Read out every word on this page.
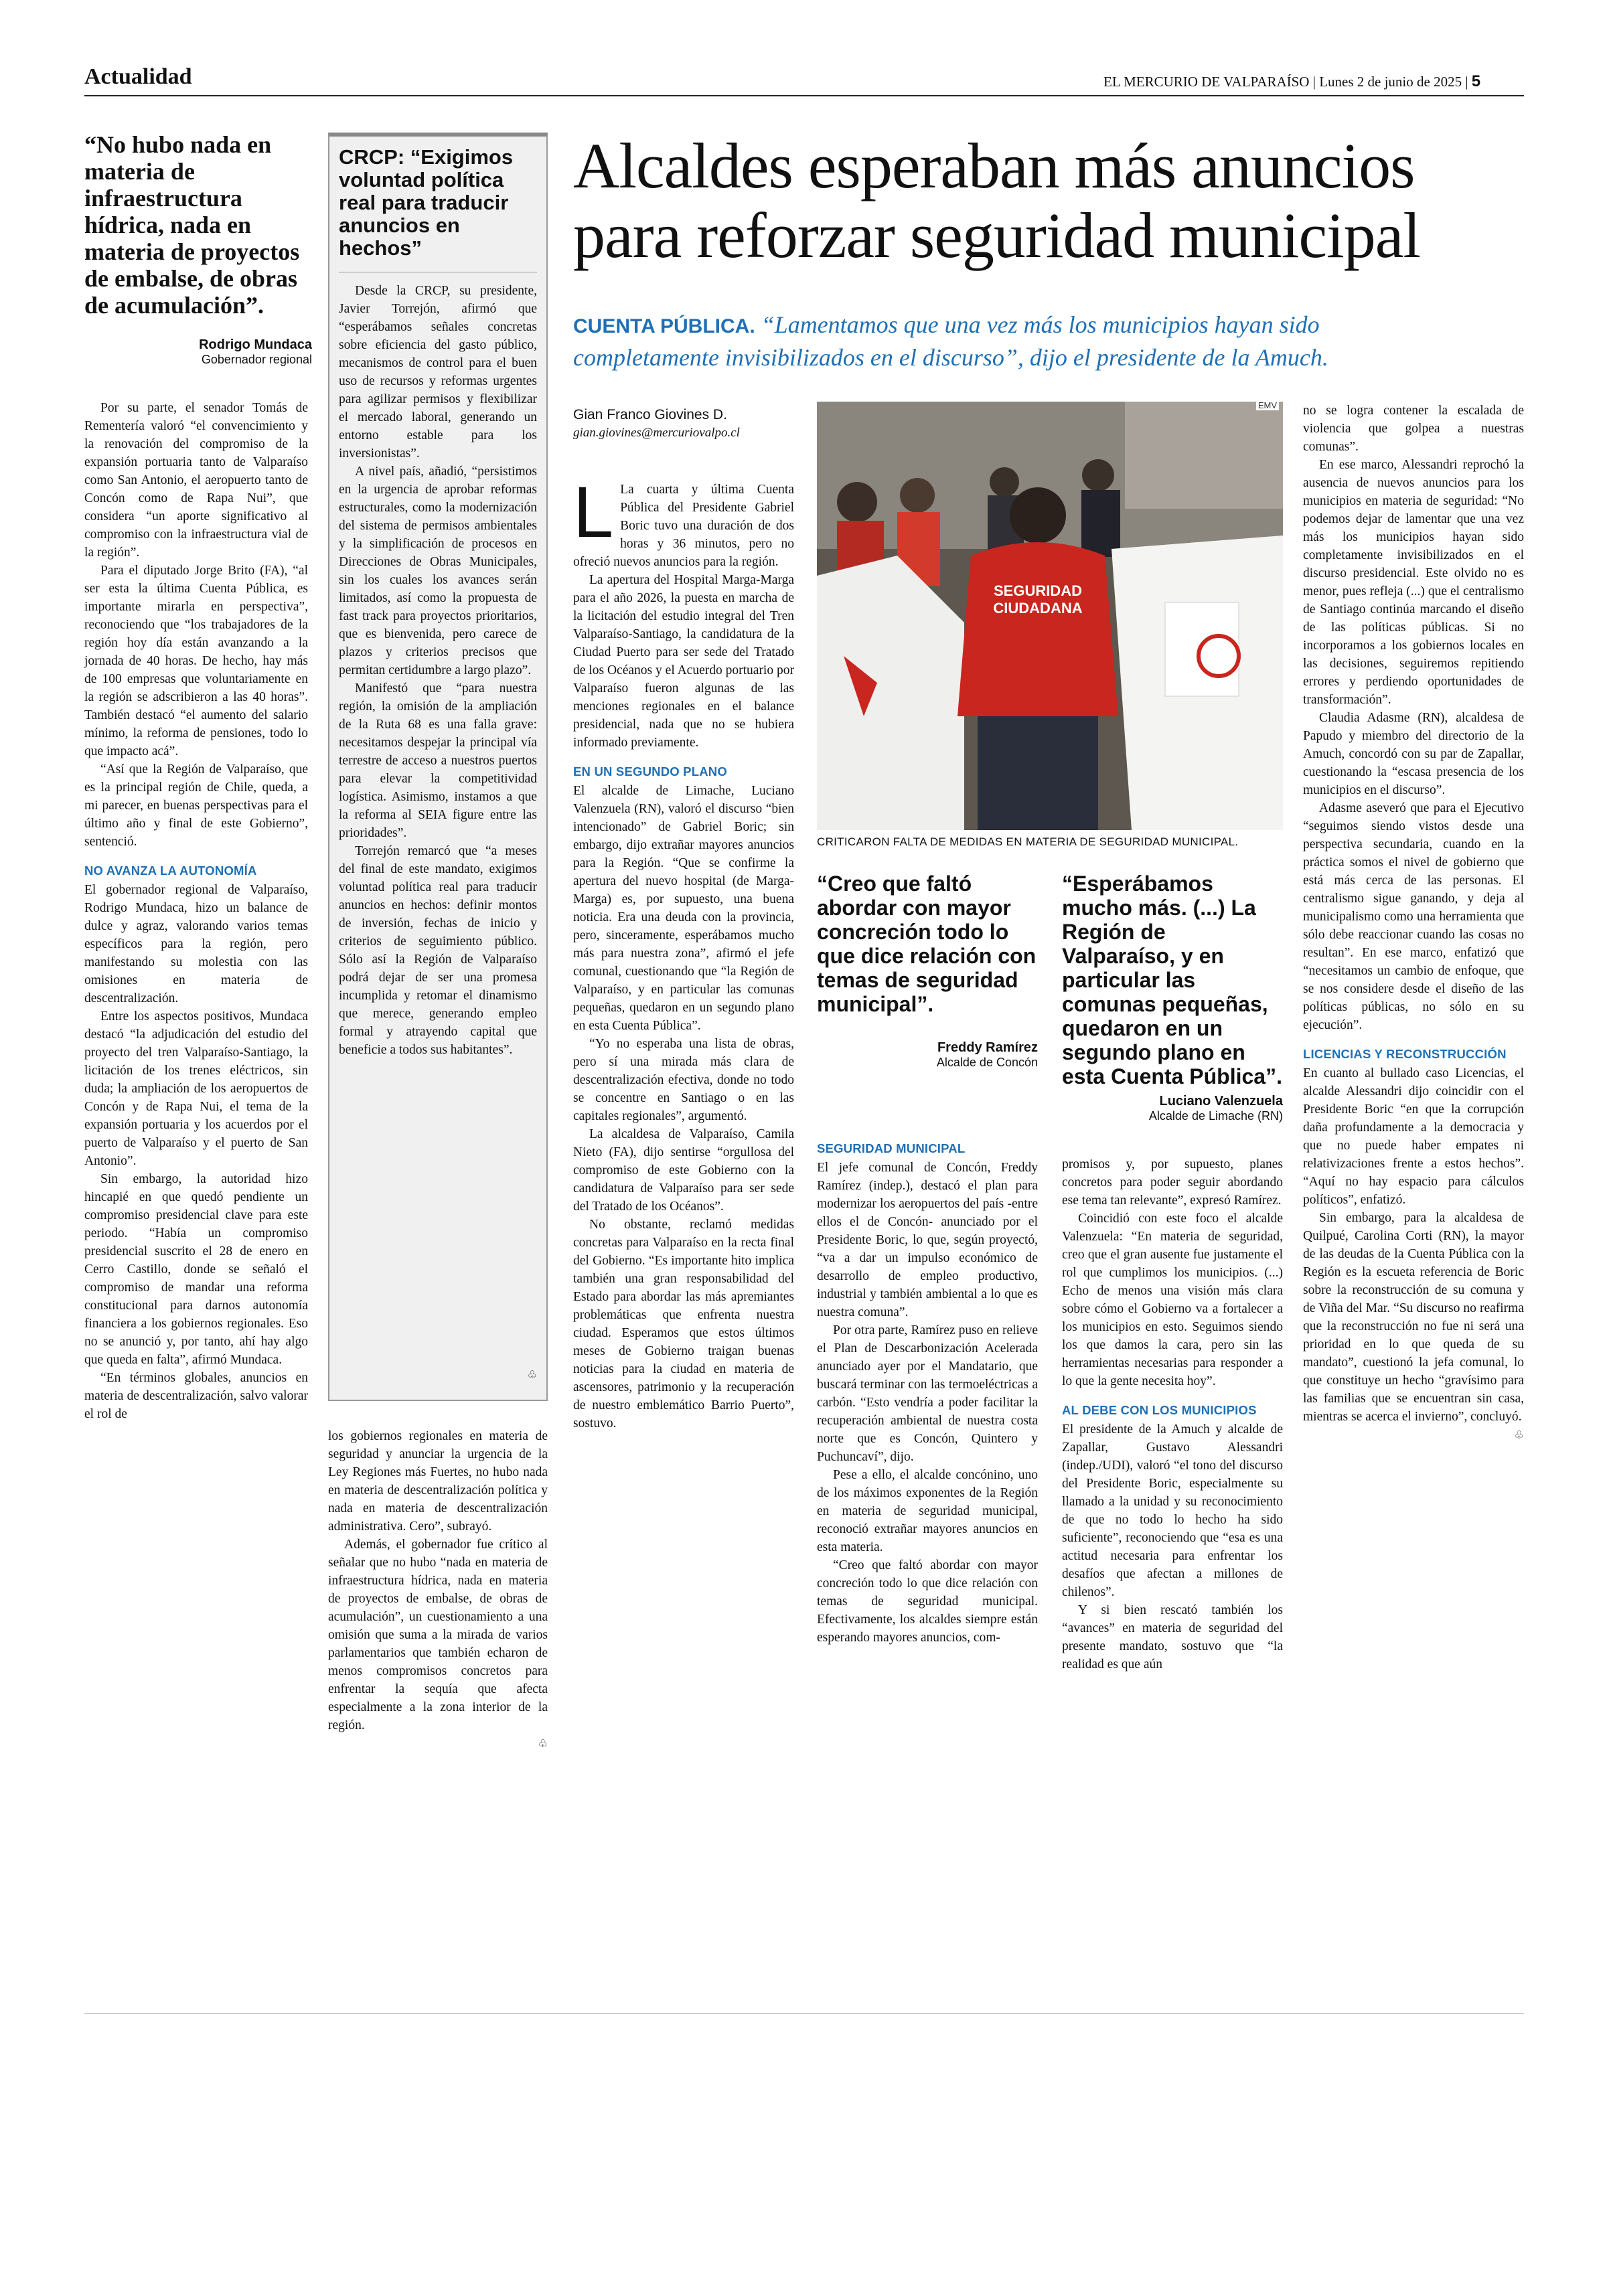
Actualidad	EL MERCURIO DE VALPARAÍSO | Lunes 2 de junio de 2025 | 5
“No hubo nada en materia de infraestructura hídrica, nada en materia de proyectos de embalse, de obras de acumulación”.
Rodrigo Mundaca
Gobernador regional

Por su parte, el senador Tomás de Rementería valoró “el convencimiento y la renovación del compromiso de la expansión portuaria tanto de Valparaíso como San Antonio, el aeropuerto tanto de Concón como de Rapa Nui”, que considera “un aporte significativo al compromiso con la infraestructura vial de la región”.

Para el diputado Jorge Brito (FA), “al ser esta la última Cuenta Pública, es importante mirarla en perspectiva”, reconociendo que “los trabajadores de la región hoy día están avanzando a la jornada de 40 horas. De hecho, hay más de 100 empresas que voluntariamente en la región se adscribieron a las 40 horas”. También destacó “el aumento del salario mínimo, la reforma de pensiones, todo lo que impacto acá”.

“Así que la Región de Valparaíso, que es la principal región de Chile, queda, a mi parecer, en buenas perspectivas para el último año y final de este Gobierno”, sentenció.

NO AVANZA LA AUTONOMÍA

El gobernador regional de Valparaíso, Rodrigo Mundaca, hizo un balance de dulce y agraz, valorando varios temas específicos para la región, pero manifestando su molestia con las omisiones en materia de descentralización.

Entre los aspectos positivos, Mundaca destacó “la adjudicación del estudio del proyecto del tren Valparaíso-Santiago, la licitación de los trenes eléctricos, sin duda; la ampliación de los aeropuertos de Concón y de Rapa Nui, el tema de la expansión portuaria y los acuerdos por el puerto de Valparaíso y el puerto de San Antonio”.

Sin embargo, la autoridad hizo hincapié en que quedó pendiente un compromiso presidencial clave para este periodo. “Había un compromiso presidencial suscrito el 28 de enero en Cerro Castillo, donde se señaló el compromiso de mandar una reforma constitucional para darnos autonomía financiera a los gobiernos regionales. Eso no se anunció y, por tanto, ahí hay algo que queda en falta”, afirmó Mundaca.

“En términos globales, anuncios en materia de descentralización, salvo valorar el rol de

CRCP: “Exigimos voluntad política real para traducir anuncios en hechos”

Desde la CRCP, su presidente, Javier Torrejón, afirmó que “esperábamos señales concretas sobre eficiencia del gasto público, mecanismos de control para el buen uso de recursos y reformas urgentes para agilizar permisos y flexibilizar el mercado laboral, generando un entorno estable para los inversionistas”.

A nivel país, añadió, “persistimos en la urgencia de aprobar reformas estructurales, como la modernización del sistema de permisos ambientales y la simplificación de procesos en Direcciones de Obras Municipales, sin los cuales los avances serán limitados, así como la propuesta de fast track para proyectos prioritarios, que es bienvenida, pero carece de plazos y criterios precisos que permitan certidumbre a largo plazo”.

Manifestó que “para nuestra región, la omisión de la ampliación de la Ruta 68 es una falla grave: necesitamos despejar la principal vía terrestre de acceso a nuestros puertos para elevar la competitividad logística. Asimismo, instamos a que la reforma al SEIA figure entre las prioridades”.

Torrejón remarcó que “a meses del final de este mandato, exigimos voluntad política real para traducir anuncios en hechos: definir montos de inversión, fechas de inicio y criterios de seguimiento público. Sólo así la Región de Valparaíso podrá dejar de ser una promesa incumplida y retomar el dinamismo que merece, generando empleo formal y atrayendo capital que beneficie a todos sus habitantes”.

♧

los gobiernos regionales en materia de seguridad y anunciar la urgencia de la Ley Regiones más Fuertes, no hubo nada en materia de descentralización política y nada en materia de descentralización administrativa. Cero”, subrayó.

Además, el gobernador fue crítico al señalar que no hubo “nada en materia de infraestructura hídrica, nada en materia de proyectos de embalse, de obras de acumulación”, un cuestionamiento a una omisión que suma a la mirada de varios parlamentarios que también echaron de menos compromisos concretos para enfrentar la sequía que afecta especialmente a la zona interior de la región.

♧
Alcaldes esperaban más anuncios
para reforzar seguridad municipal
CUENTA PÚBLICA. “Lamentamos que una vez más los municipios hayan sido
completamente invisibilizados en el discurso”, dijo el presidente de la Amuch.
Gian Franco Giovines D.
gian.giovines@mercuriovalpo.cl

L La cuarta y última Cuenta Pública del Presidente Gabriel Boric tuvo una duración de dos horas y 36 minutos, pero no ofreció nuevos anuncios para la región.

La apertura del Hospital Marga-Marga para el año 2026, la puesta en marcha de la licitación del estudio integral del Tren Valparaíso-Santiago, la candidatura de la Ciudad Puerto para ser sede del Tratado de los Océanos y el Acuerdo portuario por Valparaíso fueron algunas de las menciones regionales en el balance presidencial, nada que no se hubiera informado previamente.

EN UN SEGUNDO PLANO

El alcalde de Limache, Luciano Valenzuela (RN), valoró el discurso “bien intencionado” de Gabriel Boric; sin embargo, dijo extrañar mayores anuncios para la Región. “Que se confirme la apertura del nuevo hospital (de Marga-Marga) es, por supuesto, una buena noticia. Era una deuda con la provincia, pero, sinceramente, esperábamos mucho más para nuestra zona”, afirmó el jefe comunal, cuestionando que “la Región de Valparaíso, y en particular las comunas pequeñas, quedaron en un segundo plano en esta Cuenta Pública”.

“Yo no esperaba una lista de obras, pero sí una mirada más clara de descentralización efectiva, donde no todo se concentre en Santiago o en las capitales regionales”, argumentó.

La alcaldesa de Valparaíso, Camila Nieto (FA), dijo sentirse “orgullosa del compromiso de este Gobierno con la candidatura de Valparaíso para ser sede del Tratado de los Océanos”.

No obstante, reclamó medidas concretas para Valparaíso en la recta final del Gobierno. “Es importante hito implica también una gran responsabilidad del Estado para abordar las más apremiantes problemáticas que enfrenta nuestra ciudad. Esperamos que estos últimos meses de Gobierno traigan buenas noticias para la ciudad en materia de ascensores, patrimonio y la recuperación de nuestro emblemático Barrio Puerto”, sostuvo.

SEGURIDAD
CIUDADANA
EMV
CRITICARON FALTA DE MEDIDAS EN MATERIA DE SEGURIDAD MUNICIPAL.
“Creo que faltó abordar con mayor concreción todo lo que dice relación con temas de seguridad municipal”.
Freddy Ramírez
Alcalde de Concón
“Esperábamos mucho más. (...) La Región de Valparaíso, y en particular las comunas pequeñas, quedaron en un segundo plano en esta Cuenta Pública”.
Luciano Valenzuela
Alcalde de Limache (RN)
SEGURIDAD MUNICIPAL

El jefe comunal de Concón, Freddy Ramírez (indep.), destacó el plan para modernizar los aeropuertos del país -entre ellos el de Concón- anunciado por el Presidente Boric, lo que, según proyectó, “va a dar un impulso económico de desarrollo de empleo productivo, industrial y también ambiental a lo que es nuestra comuna”.

Por otra parte, Ramírez puso en relieve el Plan de Descarbonización Acelerada anunciado ayer por el Mandatario, que buscará terminar con las termoeléctricas a carbón. “Esto vendría a poder facilitar la recuperación ambiental de nuestra costa norte que es Concón, Quintero y Puchuncaví”, dijo.

Pese a ello, el alcalde concónino, uno de los máximos exponentes de la Región en materia de seguridad municipal, reconoció extrañar mayores anuncios en esta materia.

“Creo que faltó abordar con mayor concreción todo lo que dice relación con temas de seguridad municipal. Efectivamente, los alcaldes siempre están esperando mayores anuncios, com-

promisos y, por supuesto, planes concretos para poder seguir abordando ese tema tan relevante”, expresó Ramírez.

Coincidió con este foco el alcalde Valenzuela: “En materia de seguridad, creo que el gran ausente fue justamente el rol que cumplimos los municipios. (...) Echo de menos una visión más clara sobre cómo el Gobierno va a fortalecer a los municipios en esto. Seguimos siendo los que damos la cara, pero sin las herramientas necesarias para responder a lo que la gente necesita hoy”.

AL DEBE CON LOS MUNICIPIOS

El presidente de la Amuch y alcalde de Zapallar, Gustavo Alessandri (indep./UDI), valoró “el tono del discurso del Presidente Boric, especialmente su llamado a la unidad y su reconocimiento de que no todo lo hecho ha sido suficiente”, reconociendo que “esa es una actitud necesaria para enfrentar los desafíos que afectan a millones de chilenos”.

Y si bien rescató también los “avances” en materia de seguridad del presente mandato, sostuvo que “la realidad es que aún

no se logra contener la escalada de violencia que golpea a nuestras comunas”.

En ese marco, Alessandri reprochó la ausencia de nuevos anuncios para los municipios en materia de seguridad: “No podemos dejar de lamentar que una vez más los municipios hayan sido completamente invisibilizados en el discurso presidencial. Este olvido no es menor, pues refleja (...) que el centralismo de Santiago continúa marcando el diseño de las políticas públicas. Si no incorporamos a los gobiernos locales en las decisiones, seguiremos repitiendo errores y perdiendo oportunidades de transformación”.

Claudia Adasme (RN), alcaldesa de Papudo y miembro del directorio de la Amuch, concordó con su par de Zapallar, cuestionando la “escasa presencia de los municipios en el discurso”.

Adasme aseveró que para el Ejecutivo “seguimos siendo vistos desde una perspectiva secundaria, cuando en la práctica somos el nivel de gobierno que está más cerca de las personas. El centralismo sigue ganando, y deja al municipalismo como una herramienta que sólo debe reaccionar cuando las cosas no resultan”. En ese marco, enfatizó que “necesitamos un cambio de enfoque, que se nos considere desde el diseño de las políticas públicas, no sólo en su ejecución”.

LICENCIAS Y RECONSTRUCCIÓN

En cuanto al bullado caso Licencias, el alcalde Alessandri dijo coincidir con el Presidente Boric “en que la corrupción daña profundamente a la democracia y que no puede haber empates ni relativizaciones frente a estos hechos”. “Aquí no hay espacio para cálculos políticos”, enfatizó.

Sin embargo, para la alcaldesa de Quilpué, Carolina Corti (RN), la mayor de las deudas de la Cuenta Pública con la Región es la escueta referencia de Boric sobre la reconstrucción de su comuna y de Viña del Mar. “Su discurso no reafirma que la reconstrucción no fue ni será una prioridad en lo que queda de su mandato”, cuestionó la jefa comunal, lo que constituye un hecho “gravísimo para las familias que se encuentran sin casa, mientras se acerca el invierno”, concluyó.

♧
